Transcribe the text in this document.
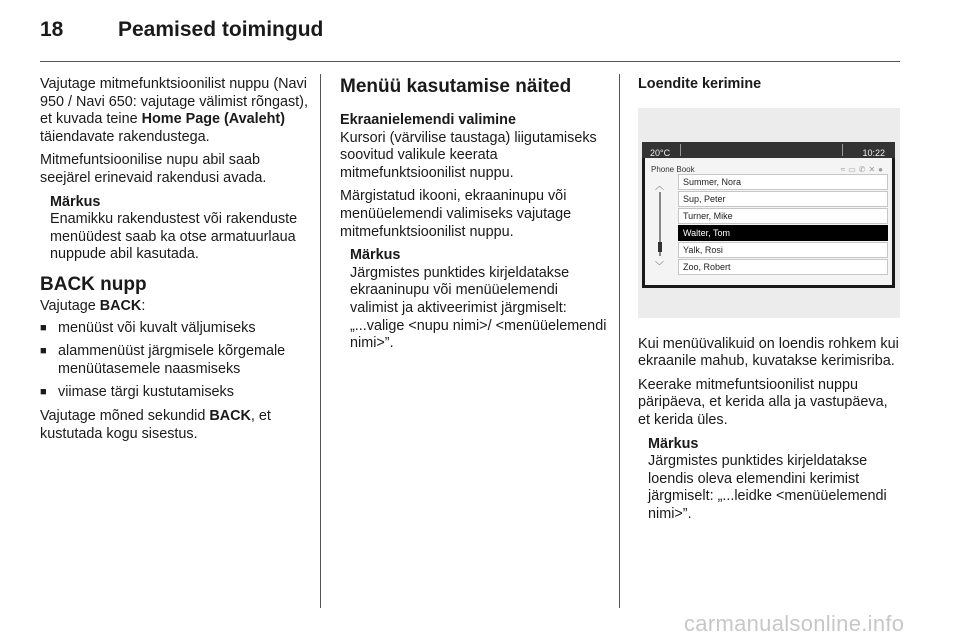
18	Peamised toimingud

Vajutage mitmefunktsioonilist nuppu (Navi 950 / Navi 650: vajutage välimist rõngast), et kuvada teine Home Page (Avaleht) täiendavate rakendustega.

Mitmefuntsioonilise nupu abil saab seejärel erinevaid rakendusi avada.

Märkus
Enamikku rakendustest või rakenduste menüüdest saab ka otse armatuurlaua nuppude abil kasutada.
BACK nupp

Vajutage BACK:

■ menüüst või kuvalt väljumiseks
■ alammenüüst järgmisele kõrgemale menüütasemele naasmiseks
■ viimase tärgi kustutamiseks

Vajutage mõned sekundid BACK, et kustutada kogu sisestus.

Menüü kasutamise näited
Ekraanielemendi valimine

Kursori (värvilise taustaga) liigutamiseks soovitud valikule keerata mitmefunktsioonilist nuppu.

Märgistatud ikooni, ekraaninupu või menüüelemendi valimiseks vajutage mitmefunktsioonilist nuppu.

Märkus
Järgmistes punktides kirjeldatakse ekraaninupu või menüüelemendi valimist ja aktiveerimist järgmiselt: „...valige <nupu nimi>/ <menüüelemendi nimi>”.
Loendite kerimine
20°C	10:22
Phone Book	≈▭✆✕●
︿
﹀
Summer, Nora
Sup, Peter
Turner, Mike
Walter, Tom
Yalk, Rosi
Zoo, Robert

Kui menüüvalikuid on loendis rohkem kui ekraanile mahub, kuvatakse kerimisriba.

Keerake mitmefuntsioonilist nuppu päripäeva, et kerida alla ja vastupäeva, et kerida üles.

Märkus
Järgmistes punktides kirjeldatakse loendis oleva elemendini kerimist järgmiselt: „...leidke <menüüelemendi nimi>”.
carmanualsonline.info
